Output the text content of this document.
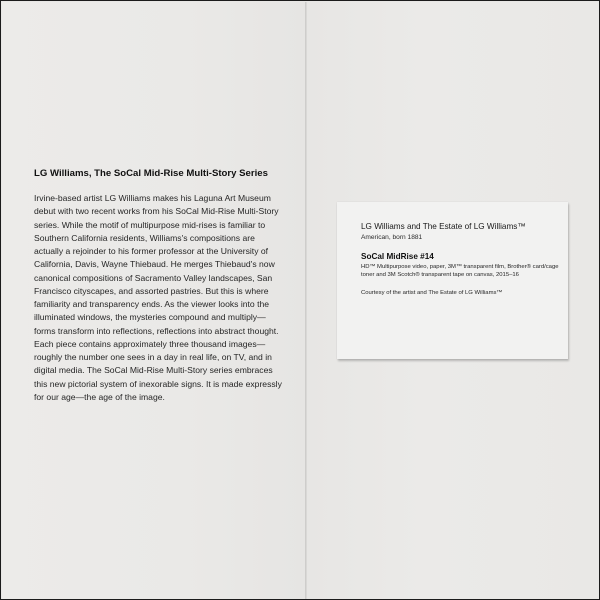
LG Williams, The SoCal Mid-Rise Multi-Story Series

Irvine-based artist LG Williams makes his Laguna Art Museum debut with two recent works from his SoCal Mid-Rise Multi-Story series. While the motif of multipurpose mid-rises is familiar to Southern California residents, Williams's compositions are actually a rejoinder to his former professor at the University of California, Davis, Wayne Thiebaud. He merges Thiebaud's now canonical compositions of Sacramento Valley landscapes, San Francisco cityscapes, and assorted pastries. But this is where familiarity and transparency ends. As the viewer looks into the illuminated windows, the mysteries compound and multiply—forms transform into reflections, reflections into abstract thought. Each piece contains approximately three thousand images—roughly the number one sees in a day in real life, on TV, and in digital media. The SoCal Mid-Rise Multi-Story series embraces this new pictorial system of inexorable signs. It is made expressly for our age—the age of the image.

LG Williams and The Estate of LG Williams™

American, born 1881

SoCal MidRise #14

HD™ Multipurpose video, paper, 3M™ transparent film, Brother® card/cage toner and 3M Scotch® transparent tape on canvas, 2015–16

Courtesy of the artist and The Estate of LG Williams™
